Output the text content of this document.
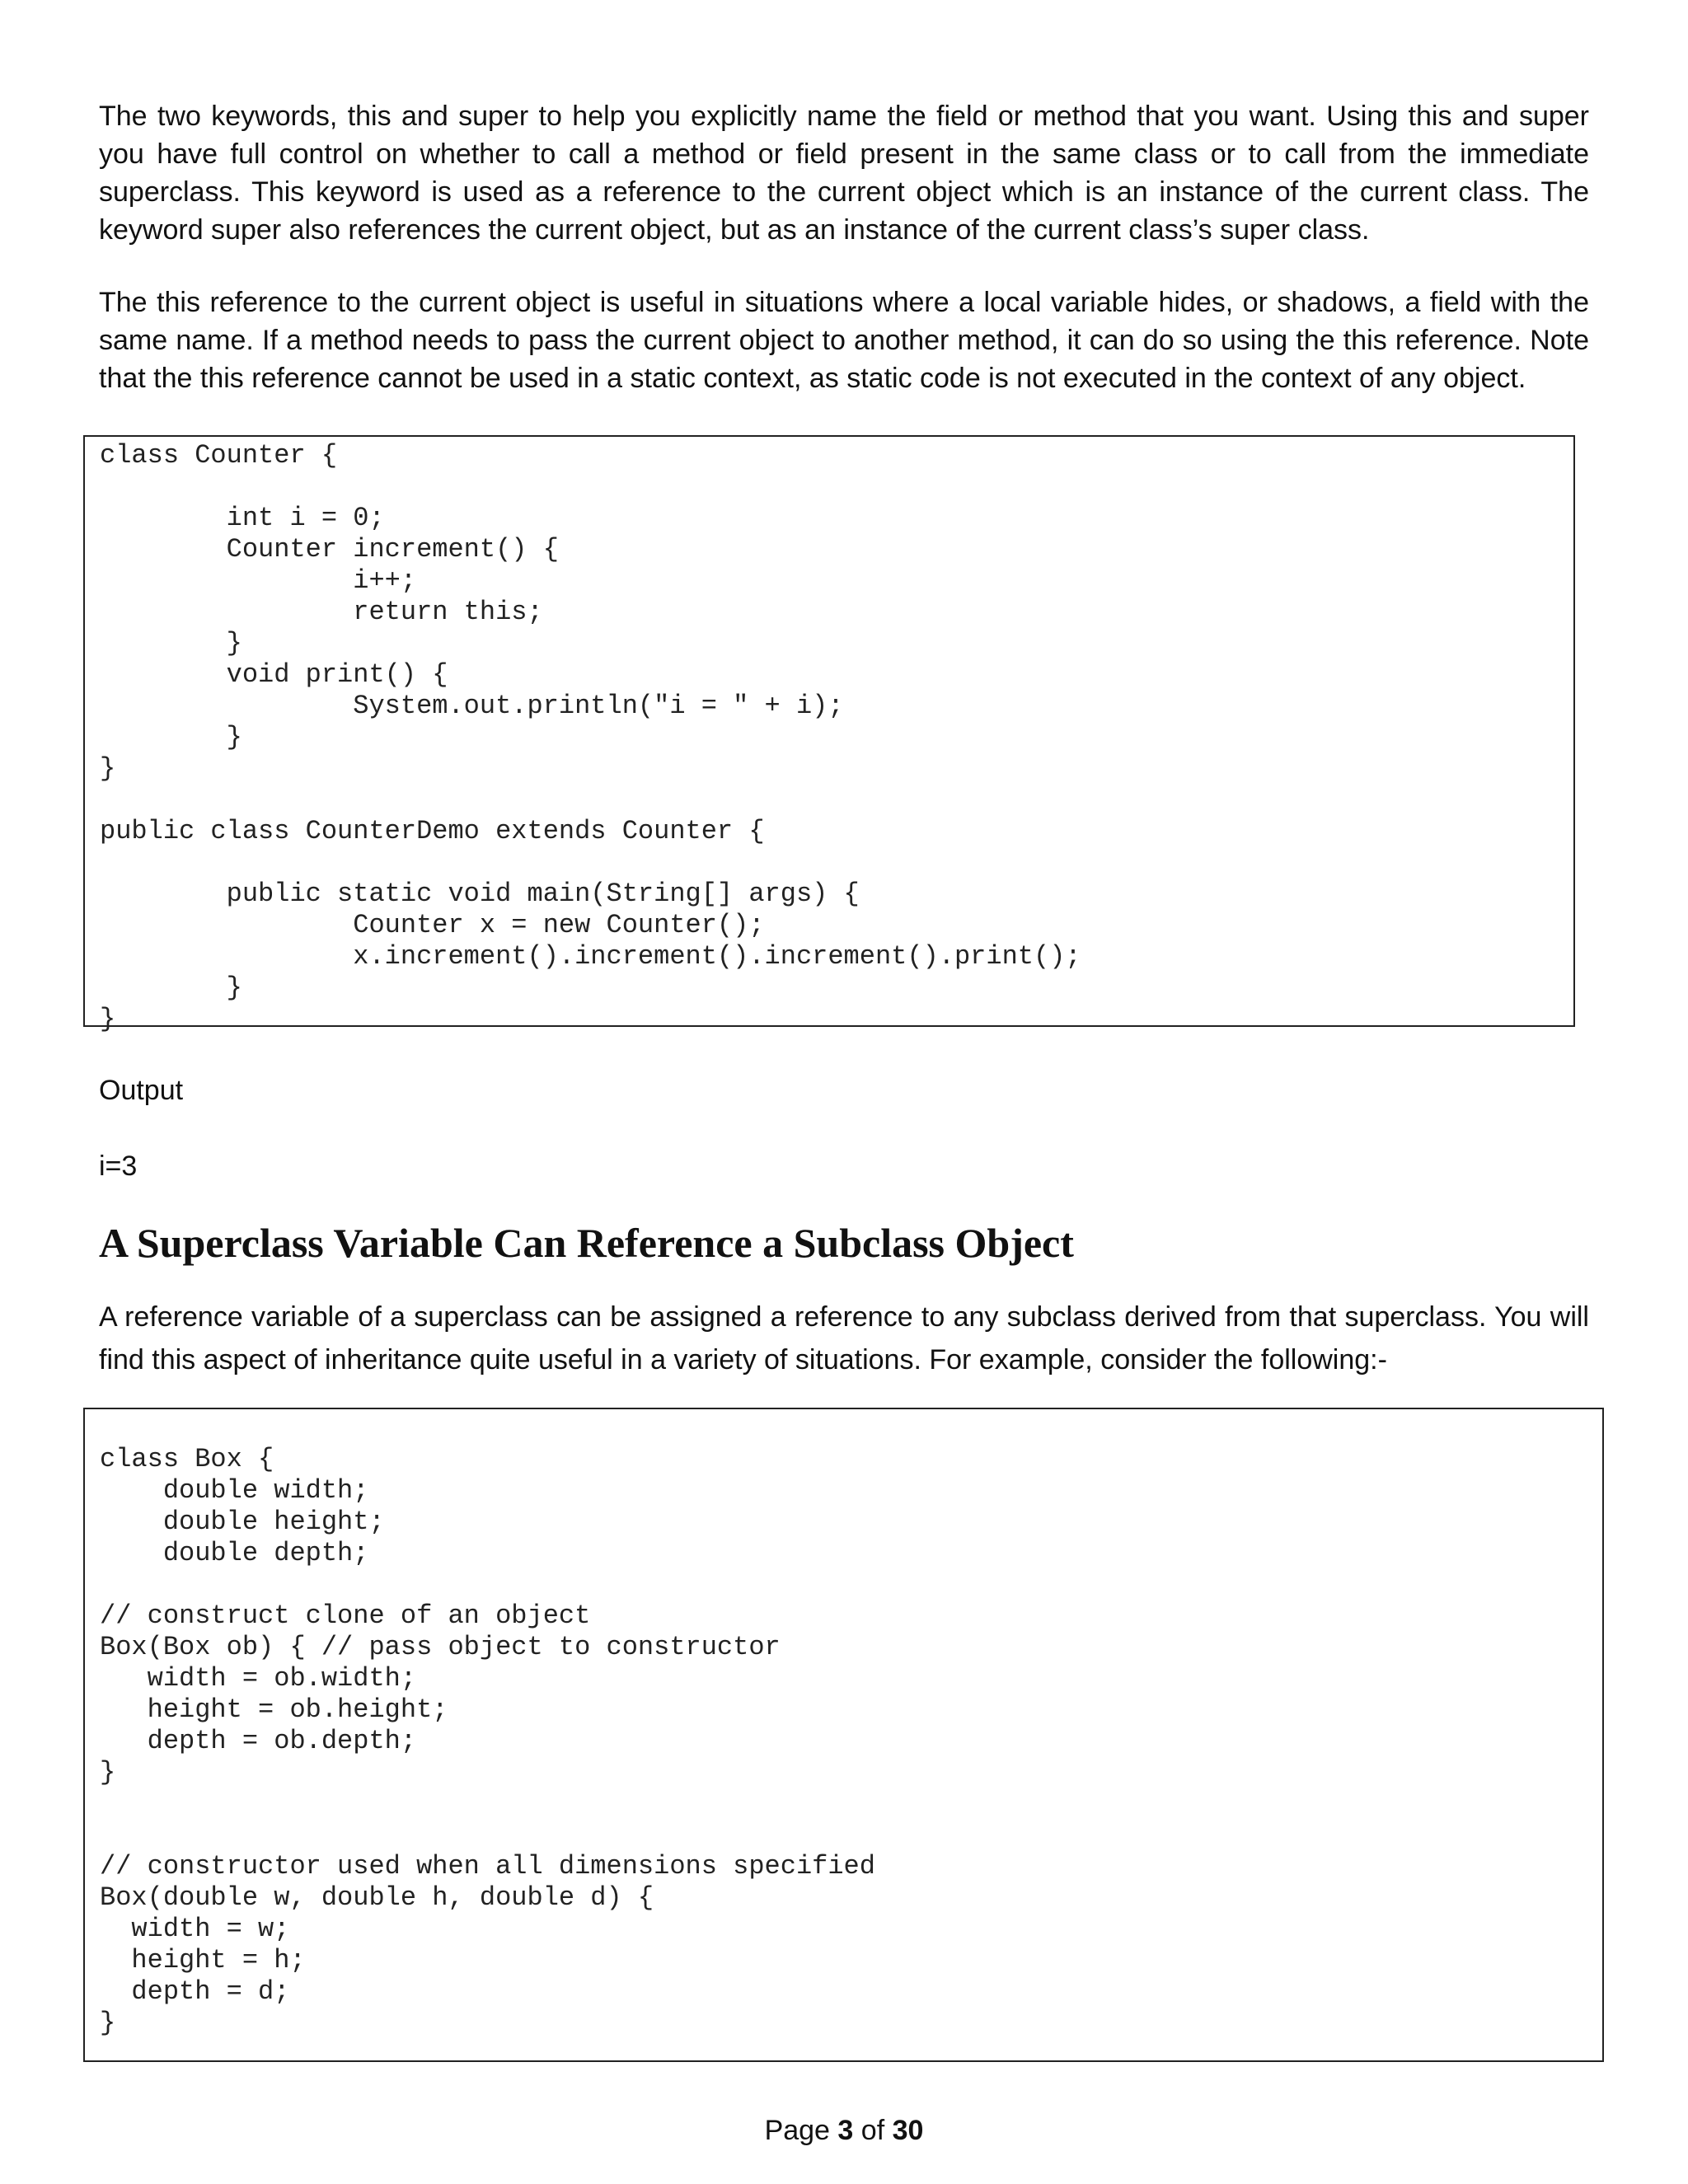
The two keywords, this and super to help you explicitly name the field or method that you want. Using this and super you have full control on whether to call a method or field present in the same class or to call from the immediate superclass. This keyword is used as a reference to the current object which is an instance of the current class. The keyword super also references the current object, but as an instance of the current class’s super class.

The this reference to the current object is useful in situations where a local variable hides, or shadows, a field with the same name. If a method needs to pass the current object to another method, it can do so using the this reference. Note that the this reference cannot be used in a static context, as static code is not executed in the context of any object.

class Counter {

int i = 0;
Counter increment() {
i++;
return this;
}
void print() {
System.out.println("i = " + i);
}
}

public class CounterDemo extends Counter {

public static void main(String[] args) {
Counter x = new Counter();
x.increment().increment().increment().print();
}
}

Output

i=3

A Superclass Variable Can Reference a Subclass Object

A reference variable of a superclass can be assigned a reference to any subclass derived from that superclass. You will find this aspect of inheritance quite useful in a variety of situations. For example, consider the following:-

class Box {
double width;
double height;
double depth;

// construct clone of an object
Box(Box ob) { // pass object to constructor
width = ob.width;
height = ob.height;
depth = ob.depth;
}

// constructor used when all dimensions specified
Box(double w, double h, double d) {
width = w;
height = h;
depth = d;
}
Page 3 of 30
